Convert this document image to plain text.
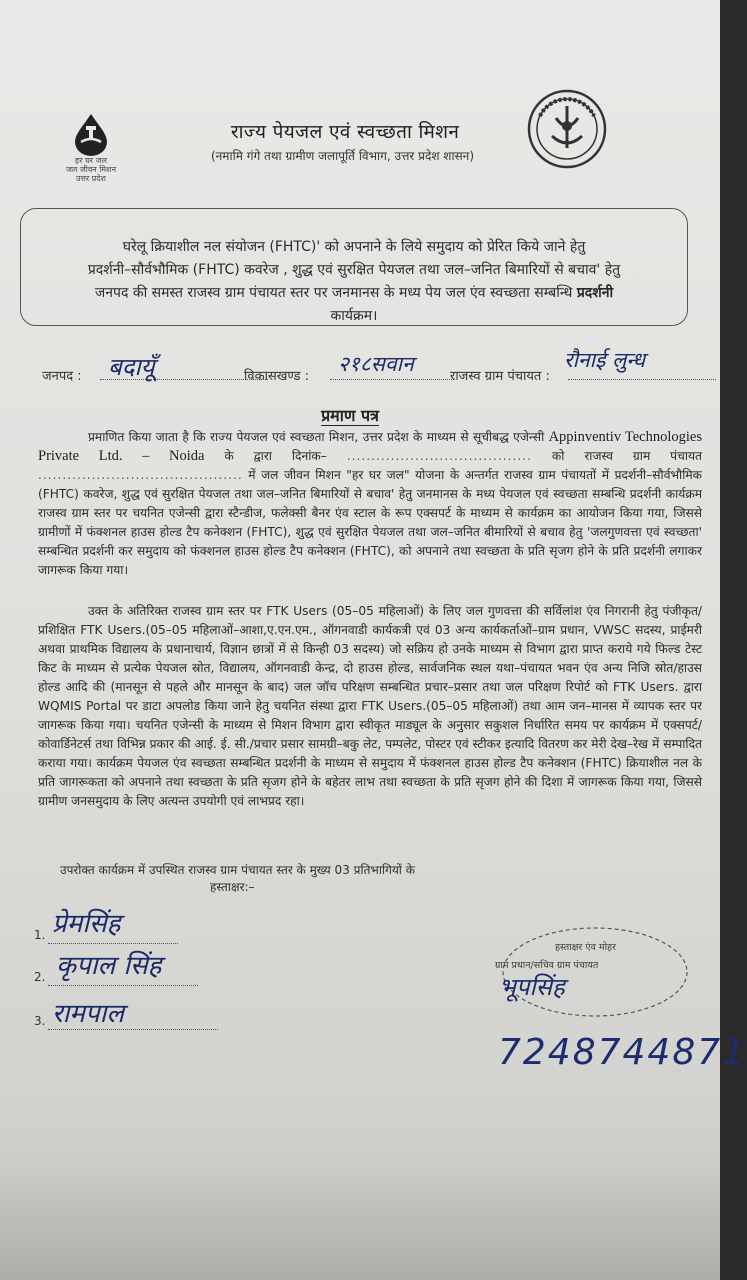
हर घर जल
जल जीवन मिशन
उत्तर प्रदेश
राज्य पेयजल एवं स्वच्छता मिशन
(नमामि गंगे तथा ग्रामीण जलापूर्ति विभाग, उत्तर प्रदेश शासन)
घरेलू क्रियाशील नल संयोजन (FHTC)' को अपनाने के लिये समुदाय को प्रेरित किये जाने हेतु
प्रदर्शनी–सौर्वभौमिक (FHTC) कवरेज , शुद्ध एवं सुरक्षित पेयजल तथा जल–जनित बिमारियों से बचाव' हेतु
जनपद की समस्त राजस्व ग्राम पंचायत स्तर पर जनमानस के मध्य पेय जल एंव स्वच्छता सम्बन्धि प्रदर्शनी
कार्यक्रम।
जनपद : बदायूँ	विकासखण्ड :
२१८सवान
राजस्व ग्राम पंचायत :
रौनाई लुन्ध
प्रमाण पत्र
प्रमाणित किया जाता है कि राज्य पेयजल एवं स्वच्छता मिशन, उत्तर प्रदेश के माध्यम से सूचीबद्ध एजेन्सी Appinventiv Technologies Private Ltd. – Noida के द्वारा दिनांक– ...................................... को राजस्व ग्राम पंचायत .......................................... में जल जीवन मिशन "हर घर जल" योजना के अन्तर्गत राजस्व ग्राम पंचायतों में प्रदर्शनी–सौर्वभौमिक (FHTC) कवरेज, शुद्ध एवं सुरक्षित पेयजल तथा जल–जनित बिमारियों से बचाव' हेतु जनमानस के मध्य पेयजल एवं स्वच्छता सम्बन्धि प्रदर्शनी कार्यक्रम राजस्व ग्राम स्तर पर चयनित एजेन्सी द्वारा स्टैन्डीज, फलेक्सी बैनर एंव स्टाल के रूप एक्सपर्ट के माध्यम से कार्यक्रम का आयोजन किया गया, जिससे ग्रामीणों में फंक्शनल हाउस होल्ड टैप कनेक्शन (FHTC), शुद्ध एवं सुरक्षित पेयजल तथा जल–जनित बीमारियों से बचाव हेतु 'जलगुणवत्ता एवं स्वच्छता' सम्बन्धित प्रदर्शनी कर समुदाय को फंक्शनल हाउस होल्ड टैप कनेक्शन (FHTC), को अपनाने तथा स्वच्छता के प्रति सृजग होने के प्रति प्रदर्शनी लगाकर जागरूक किया गया।
उक्त के अतिरिक्त राजस्व ग्राम स्तर पर FTK Users (05–05 महिलाओं) के लिए जल गुणवत्ता की सर्विलांश एंव निगरानी हेतु पंजीकृत/प्रशिक्षित FTK Users.(05–05 महिलाओं–आशा,ए.एन.एम., ऑगनवाडी कार्यकत्री एवं 03 अन्य कार्यकर्ताओं–ग्राम प्रधान, VWSC सदस्य, प्राईमरी अथवा प्राथमिक विद्यालय के प्रधानाचार्य, विज्ञान छात्रों में से किन्ही 03 सदस्य) जो सक्रिय हो उनके माध्यम से विभाग द्वारा प्राप्त कराये गये फिल्ड टेस्ट किट के माध्यम से प्रत्येक पेयजल स्रोत, विद्यालय, ऑगनवाडी केन्द्र, दो हाउस होल्ड, सार्वजनिक स्थल यथा–पंचायत भवन एंव अन्य निजि स्रोत/हाउस होल्ड आदि की (मानसून से पहले और मानसून के बाद) जल जॉच परिक्षण सम्बन्धित प्रचार–प्रसार तथा जल परिक्षण रिपोर्ट को FTK Users. द्वारा WQMIS Portal पर डाटा अपलोड किया जाने हेतु चयनित संस्था द्वारा FTK Users.(05–05 महिलाओं) तथा आम जन–मानस में व्यापक स्तर पर जागरूक किया गया। चयनित एजेन्सी के माध्यम से मिशन विभाग द्वारा स्वीकृत माड्यूल के अनुसार सकुशल निर्धारित समय पर कार्यक्रम में एक्सपर्ट/कोवार्डिनेटर्स तथा विभिन्न प्रकार की आई. ई. सी./प्रचार प्रसार सामग्री–बकु लेट, पम्पलेट, पोस्टर एवं स्टीकर इत्यादि वितरण कर मेरी देख–रेख में सम्पादित कराया गया। कार्यक्रम पेयजल एंव स्वच्छता सम्बन्धित प्रदर्शनी के माध्यम से समुदाय में फंक्शनल हाउस होल्ड टैप कनेक्शन (FHTC) क्रियाशील नल के प्रति जागरूकता को अपनाने तथा स्वच्छता के प्रति सृजग होने के बहेतर लाभ तथा स्वच्छता के प्रति सृजग होने की दिशा में जागरूक किया गया, जिससे ग्रामीण जनसमुदाय के लिए अत्यन्त उपयोगी एवं लाभप्रद रहा।
उपरोक्त कार्यक्रम में उपस्थित राजस्व ग्राम पंचायत स्तर के मुख्य 03 प्रतिभागियों के
हस्ताक्षर:–
1. प्रेमसिंह
2. कृपाल सिंह
3. रामपाल
हस्ताक्षर एंव मोहर
ग्राम प्रधान/सचिव ग्राम पंचायत
भूपसिंह
7248744871
